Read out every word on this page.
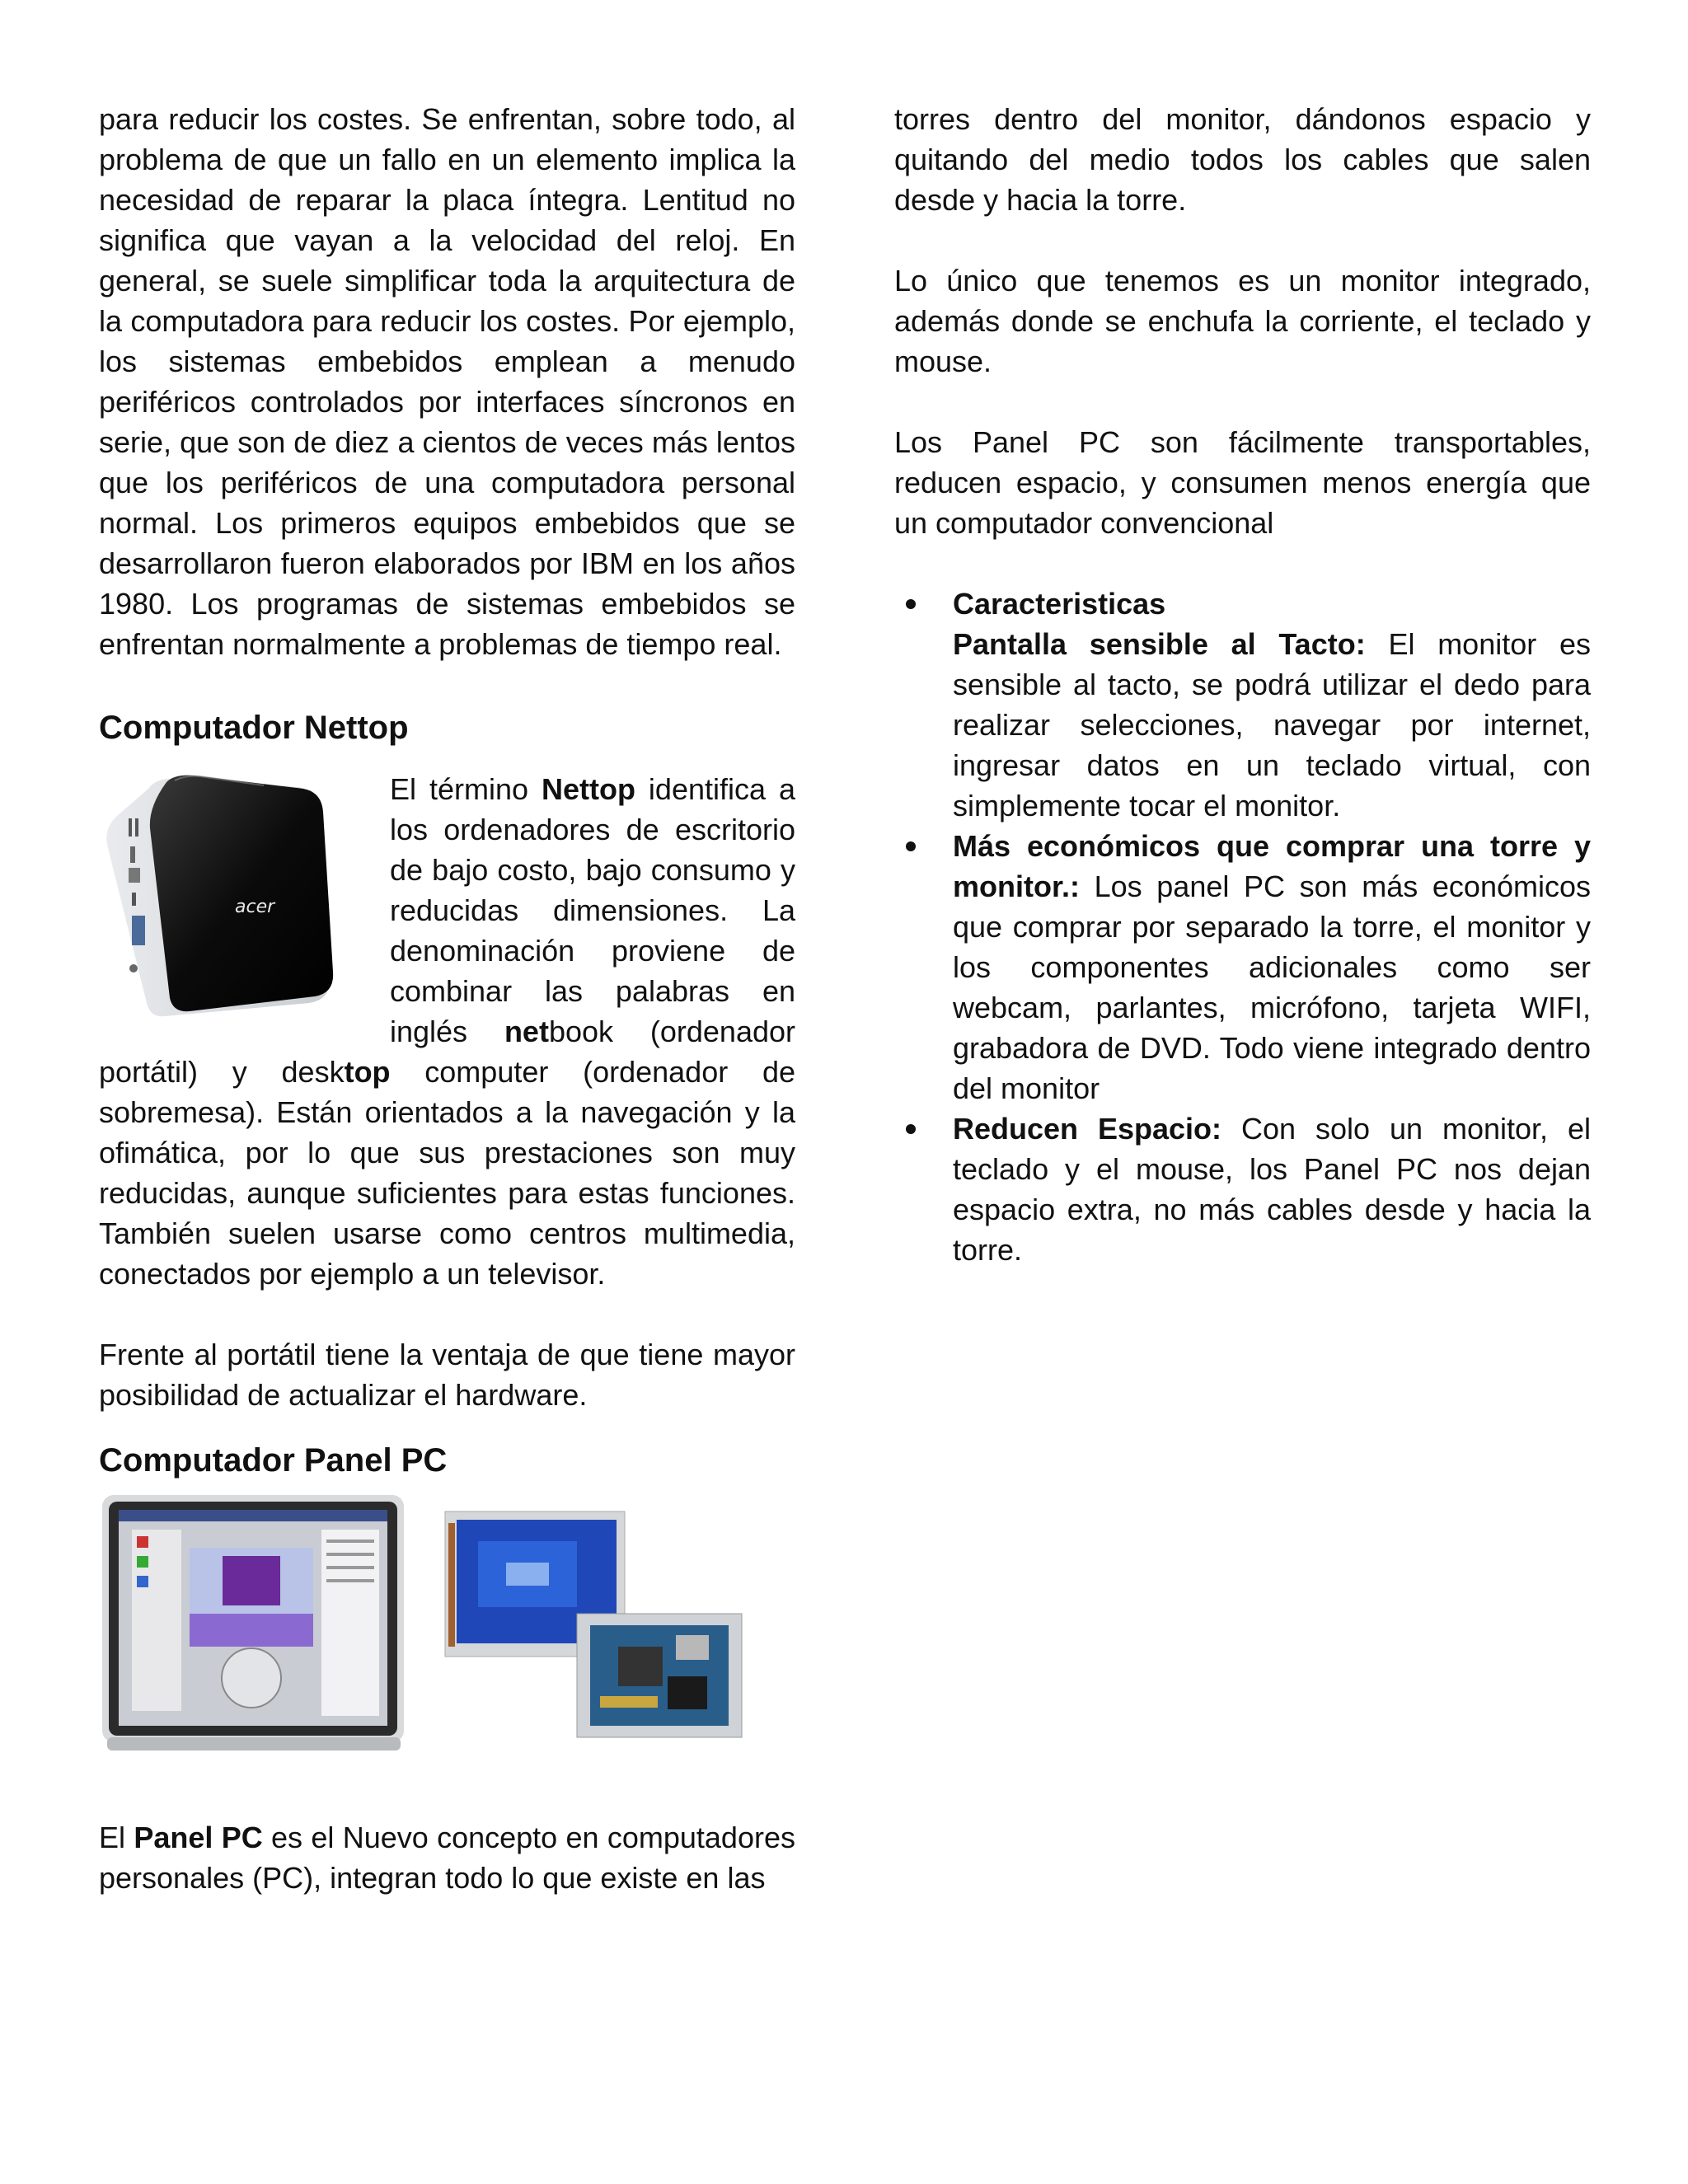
para reducir los costes. Se enfrentan, sobre todo, al problema de que un fallo en un elemento implica la necesidad de reparar la placa íntegra. Lentitud no significa que vayan a la velocidad del reloj. En general, se suele simplificar toda la arquitectura de la computadora para reducir los costes. Por ejemplo, los sistemas embebidos emplean a menudo periféricos controlados por interfaces síncronos en serie, que son de diez a cientos de veces más lentos que los periféricos de una computadora personal normal. Los primeros equipos embebidos que se desarrollaron fueron elaborados por IBM en los años 1980. Los programas de sistemas embebidos se enfrentan normalmente a problemas de tiempo real.

Computador Nettop
acer

El término Nettop identifica a los ordenadores de escritorio de bajo costo, bajo consumo y reducidas dimensiones. La denominación proviene de combinar las palabras en inglés netbook (ordenador portátil) y desktop computer (ordenador de sobremesa). Están orientados a la navegación y la ofimática, por lo que sus prestaciones son muy reducidas, aunque suficientes para estas funciones. También suelen usarse como centros multimedia, conectados por ejemplo a un televisor.

Frente al portátil tiene la ventaja de que tiene mayor posibilidad de actualizar el hardware.

Computador Panel PC

El Panel PC es el Nuevo concepto en computadores personales (PC), integran todo lo que existe en las

torres dentro del monitor, dándonos espacio y quitando del medio todos los cables que salen desde y hacia la torre.

Lo único que tenemos es un monitor integrado, además donde se enchufa la corriente, el teclado y mouse.

Los Panel PC son fácilmente transportables, reducen espacio, y consumen menos energía que un computador convencional

Caracteristicas
Pantalla sensible al Tacto: El monitor es sensible al tacto, se podrá utilizar el dedo para realizar selecciones, navegar por internet, ingresar datos en un teclado virtual, con simplemente tocar el monitor.

Más económicos que comprar una torre y monitor.: Los panel PC son más económicos que comprar por separado la torre, el monitor y los componentes adicionales como ser webcam, parlantes, micrófono, tarjeta WIFI, grabadora de DVD. Todo viene integrado dentro del monitor

Reducen Espacio: Con solo un monitor, el teclado y el mouse, los Panel PC nos dejan espacio extra, no más cables desde y hacia la torre.
